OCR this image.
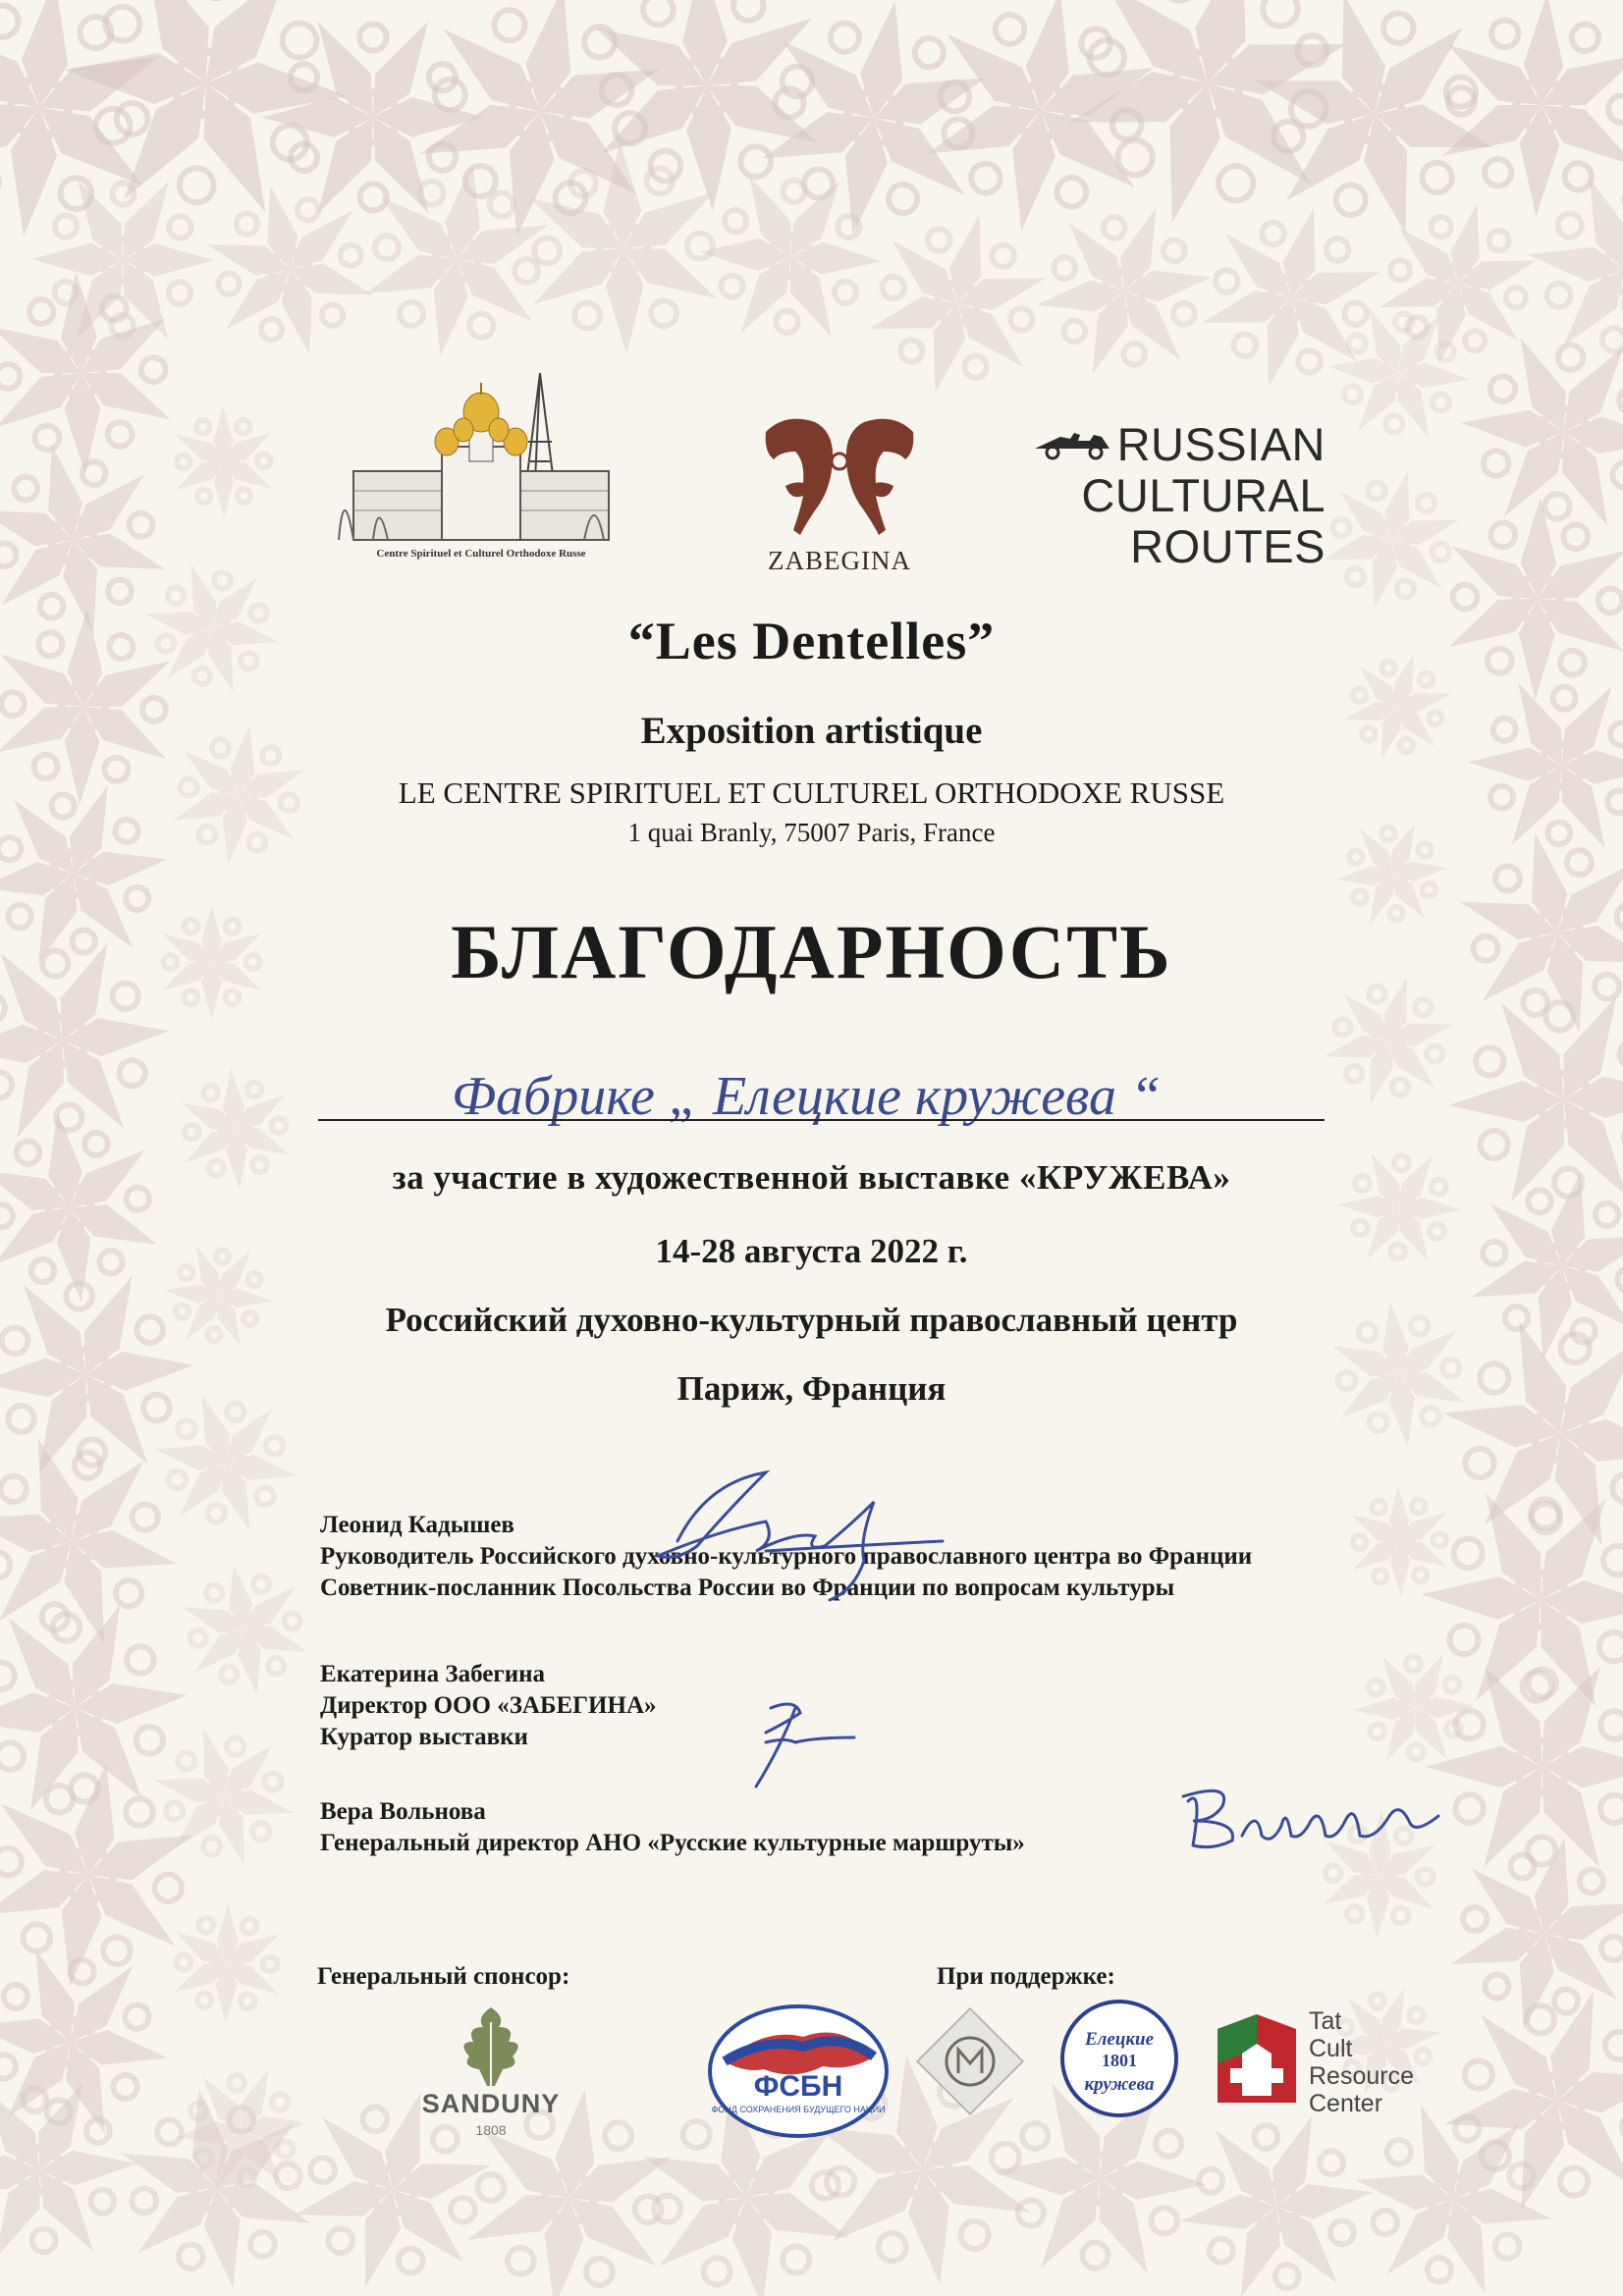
Centre Spirituel et Culturel Orthodoxe Russe	ZABEGINA
RUSSIAN
CULTURAL
ROUTES
“Les Dentelles”
Exposition artistique
LE CENTRE SPIRITUEL ET CULTUREL ORTHODOXE RUSSE
1 quai Branly, 75007 Paris, France
БЛАГОДАРНОСТЬ
Фабрике „ Елецкие кружева “
за участие в художественной выставке «КРУЖЕВА»
14-28 августа 2022 г.
Российский духовно-культурный православный центр
Париж, Франция
Леонид Кадышев
Руководитель Российского духовно-культурного православного центра во Франции
Советник-посланник Посольства России во Франции по вопросам культуры
Екатерина Забегина
Директор ООО «ЗАБЕГИНА»
Куратор выставки
Вера Вольнова
Генеральный директор АНО «Русские культурные маршруты»
Генеральный спонсор:	При поддержке:
SANDUNY
1808
ФСБН
ФОНД СОХРАНЕНИЯ БУДУЩЕГО НАЦИИ
Елецкие
1801
кружева
Tat
Cult
Resource
Center
